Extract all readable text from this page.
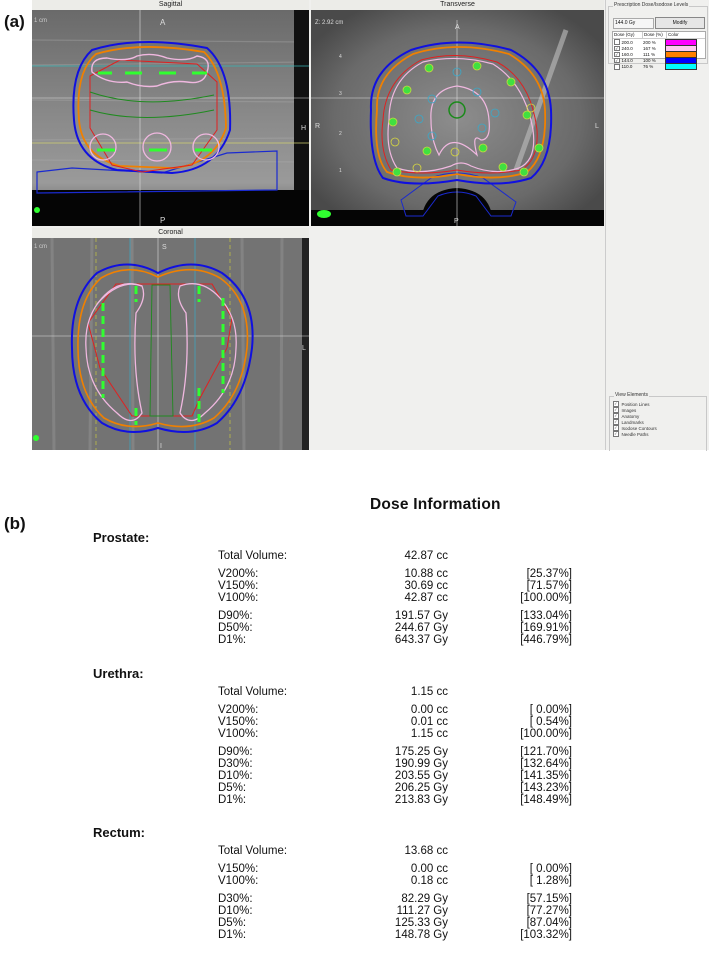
(a)
(b)
Sagittal
1 cm	A
P
H
Transverse
Z: 2.92 cm
A
P
R	L
4
3
2
1
Coronal
1 cm	S
I
L
Prescription Dose/Isodose Levels
144.0 Gy	Modify
Dose (Gy)	Dose (%)	Color
200.0 200 %
✓ 240.0 167 %
✓ 160.0 111 %
✓ 144.0 100 %
110.0 76 %
View Elements
✓ Position Lines
✓ Images
✓ Anatomy
✓ Landmarks
✓ Isodose Contours
✓ Needle Paths
Dose Information
Prostate:
Total Volume:	42.87 cc
V200%:	10.88 cc	[25.37%]
V150%:	30.69 cc	[71.57%]
V100%:	42.87 cc	[100.00%]
D90%:	191.57 Gy	[133.04%]
D50%:	244.67 Gy	[169.91%]
D1%:	643.37 Gy	[446.79%]
Urethra:
Total Volume:	1.15 cc
V200%:	0.00 cc	[ 0.00%]
V150%:	0.01 cc	[ 0.54%]
V100%:	1.15 cc	[100.00%]
D90%:	175.25 Gy	[121.70%]
D30%:	190.99 Gy	[132.64%]
D10%:	203.55 Gy	[141.35%]
D5%:	206.25 Gy	[143.23%]
D1%:	213.83 Gy	[148.49%]
Rectum:
Total Volume:	13.68 cc
V150%:	0.00 cc	[ 0.00%]
V100%:	0.18 cc	[ 1.28%]
D30%:	82.29 Gy	[57.15%]
D10%:	111.27 Gy	[77.27%]
D5%:	125.33 Gy	[87.04%]
D1%:	148.78 Gy	[103.32%]
